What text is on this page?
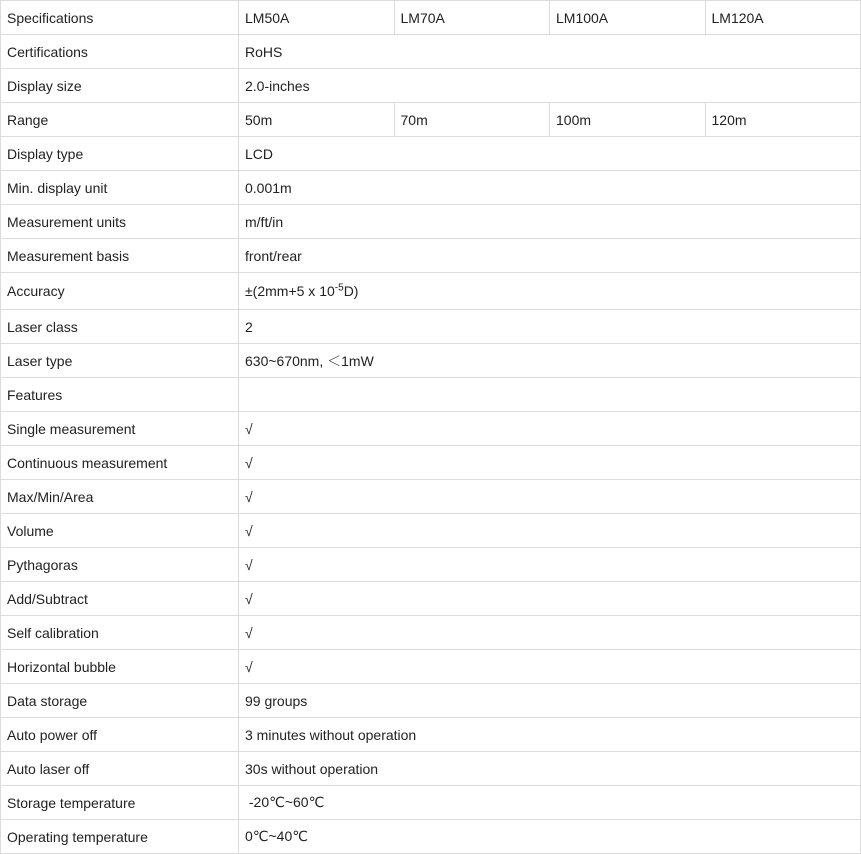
Specifications	LM50A	LM70A	LM100A	LM120A
Certifications	RoHS			
Display size	2.0-inches			
Range	50m	70m	100m	120m
Display type	LCD			
Min. display unit	0.001m			
Measurement units	m/ft/in			
Measurement basis	front/rear			
Accuracy	±(2mm+5 x $10^{-5}D$)			
Laser class	2			
Laser type	630~670nm, ＜1mW			
Features				
Single measurement	√			
Continuous measurement	√			
Max/Min/Area	√			
Volume	√			
Pythagoras	√			
Add/Subtract	√			
Self calibration	√			
Horizontal bubble	√			
Data storage	99 groups			
Auto power off	3 minutes without operation			
Auto laser off	30s without operation			
Storage temperature	-20℃~60℃			
Operating temperature	0℃~40℃			
